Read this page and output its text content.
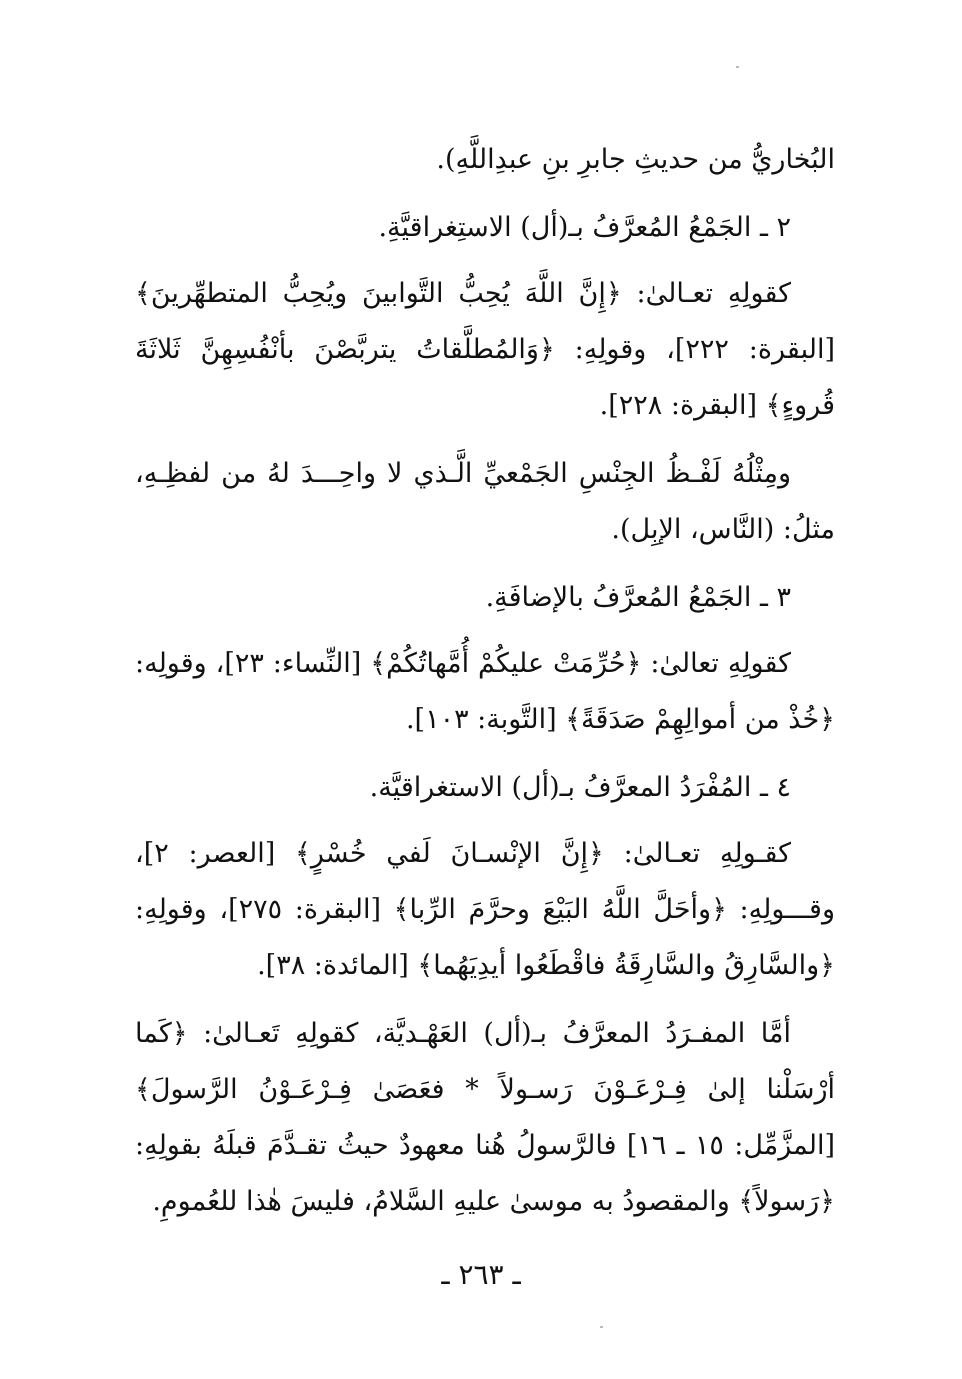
البُخاريُّ من حديثِ جابرِ بنِ عبدِاللَّهِ).

٢ ـ الجَمْعُ المُعرَّفُ بـ(أل) الاستِغراقيَّةِ.

كقولِهِ تعـالىٰ: ﴿إِنَّ اللَّهَ يُحِبُّ التَّوابينَ ويُحِبُّ المتطهِّرينَ﴾ [البقرة: ٢٢٢]، وقولِهِ: ﴿وَالمُطلَّقاتُ يتربَّصْنَ بأنْفُسِهِنَّ ثَلاثَةَ قُروءٍ﴾ [البقرة: ٢٢٨].

ومِثْلُهُ لَفْـظُ الجِنْسِ الجَمْعيِّ الَّـذي لا واحِـــدَ لهُ من لفظِـهِ، مثلُ: (النَّاس، الإبِل).

٣ ـ الجَمْعُ المُعرَّفُ بالإضافَةِ.

كقولِهِ تعالىٰ: ﴿حُرِّمَتْ عليكُمْ أُمَّهاتُكُمْ﴾ [النِّساء: ٢٣]، وقولِه: ﴿خُذْ من أموالِهِمْ صَدَقَةً﴾ [التَّوبة: ١٠٣].

٤ ـ المُفْرَدُ المعرَّفُ بـ(أل) الاستغراقيَّة.

كقـولِهِ تعـالىٰ: ﴿إِنَّ الإنْسـانَ لَفي خُسْرٍ﴾ [العصر: ٢]، وقـــولِهِ: ﴿وأحَلَّ اللَّهُ البَيْعَ وحرَّمَ الرِّبا﴾ [البقرة: ٢٧٥]، وقولِهِ: ﴿والسَّارِقُ والسَّارِقَةُ فاقْطَعُوا أيدِيَهُما﴾ [المائدة: ٣٨].

أمَّا المفـرَدُ المعرَّفُ بـ(أل) العَهْـديَّة، كقولِهِ تَعـالىٰ: ﴿كَما أرْسَلْنا إلىٰ فِـرْعَـوْنَ رَسـولاً * فعَصَىٰ فِـرْعَـوْنُ الرَّسولَ﴾ [المزَّمِّل: ١٥ ـ ١٦] فالرَّسولُ هُنا معهودٌ حيثُ تقـدَّمَ قبلَهُ بقولِهِ: ﴿رَسولاً﴾ والمقصودُ به موسىٰ عليهِ السَّلامُ، فليسَ هٰذا للعُمومِ.

ـ ٢٦٣ ـ
